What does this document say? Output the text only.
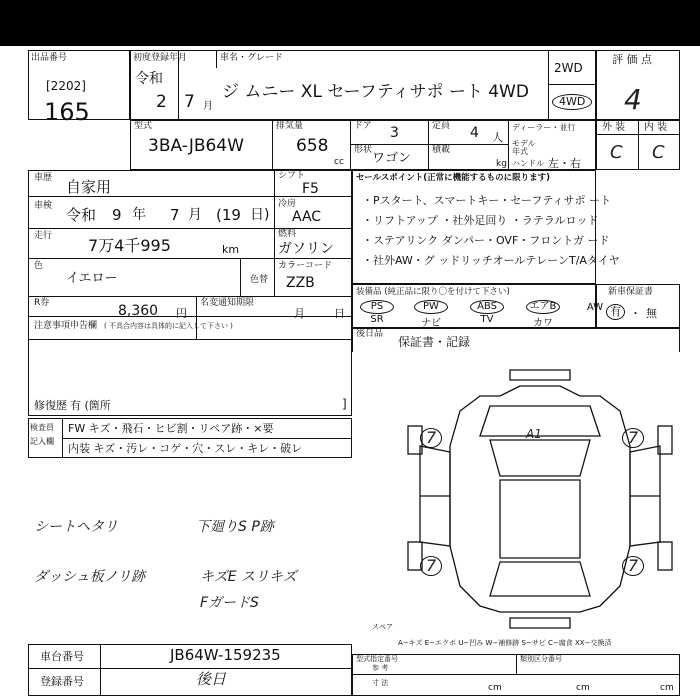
出品番号
[2202]
165
初度登録年月
令和
2 7 月
車名・グレード
ジ ムニー XL セーフティサポ ート 4WD
2WD
4WD
評 価 点
4
型式
3BA-JB64W
排気量
658
cc
ドア 3	定員 4 人
形状
ワゴン
積載
kg
ディーラー・並行
モデル 年式
ハンドル 左・右
外 装 内 装
C C
車歴 自家用
シフト
F5
車検 令和 9 年 7 月 (19 日)
冷房
AAC
走行 7万4千995	km
燃料
ガソリン
色
イエロー	色替
カラーコード
ZZB
R券	8,360 円
名変通知期限
月	日
注意事項申告欄 ( 不具合内容は具体的に記入して下さい )
修復歴 有 (箇所	]
セールスポイント(正常に機能するものに限ります)
・Pスタート、スマートキー・セーフティサポ ート
・リフトアップ ・社外足回り ・ラテラルロッド
・ステアリンク ダンパー・OVF・フロントガ ード
・社外AW・グ ッドリッチオールテレーンT/Aタイヤ
装備品 (純正品に限り〇を付けて下さい)
PS
SR
PW
ナビ
ABS
TV
エアB
カワ
AW
新車保証書
有 ・ 無
後日品
保証書・記録
検査員
記入欄
FW キズ・飛石・ヒビ割・リペア跡・×要
内装 キズ・汚レ・コゲ・穴・スレ・キレ・破レ
シートヘタリ
ダッシュ板ノリ跡
下廻りS P跡
キズE スリキズ
FガードS
7	7
7	7
A1
スペア
A−キズ E−エクボ U−凹み W−補修跡 S−サビ C−腐食 XX−交換済
車台番号	JB64W-159235
登録番号	後日
型式指定番号
参 考
類別区分番号
寸 法	cm	cm	cm
